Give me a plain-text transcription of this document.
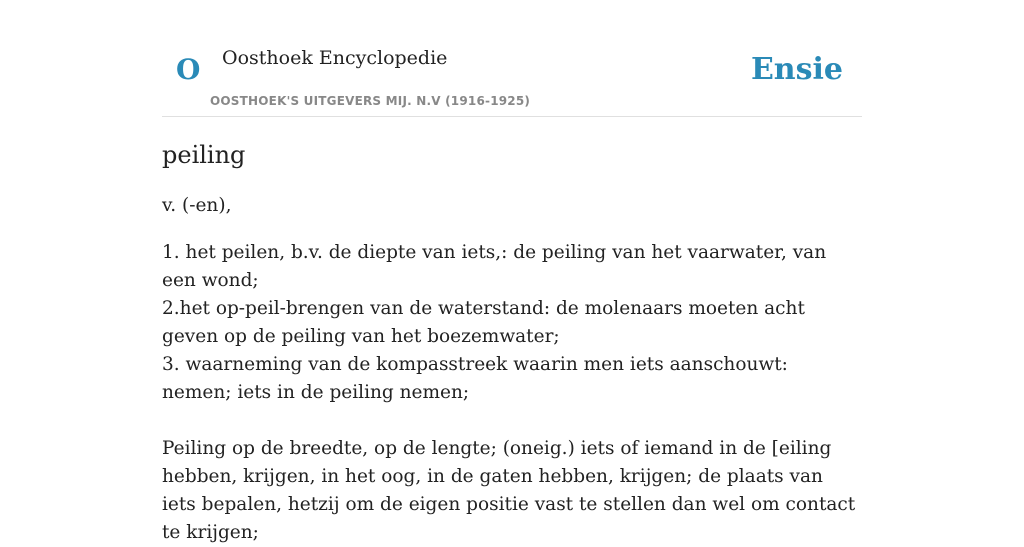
O Oosthoek Encyclopedie
OOSTHOEK'S UITGEVERS MIJ. N.V (1916-1925)
Ensie
peiling

v. (-en),

1. het peilen, b.v. de diepte van iets,: de peiling van het vaarwater, van een wond;

2.het op-peil-brengen van de waterstand: de molenaars moeten acht geven op de peiling van het boezemwater;

3. waarneming van de kompasstreek waarin men iets aanschouwt: nemen; iets in de peiling nemen;

Peiling op de breedte, op de lengte; (oneig.) iets of iemand in de [eiling hebben, krijgen, in het oog, in de gaten hebben, krijgen; de plaats van iets bepalen, hetzij om de eigen positie vast te stellen dan wel om contact te krijgen;
